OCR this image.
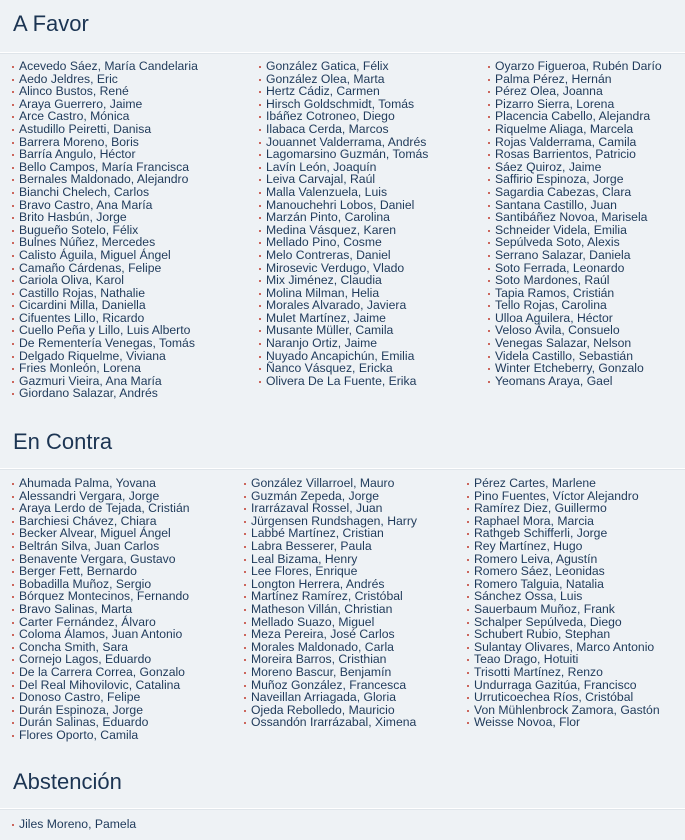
A Favor
Acevedo Sáez, María Candelaria
Aedo Jeldres, Eric
Alinco Bustos, René
Araya Guerrero, Jaime
Arce Castro, Mónica
Astudillo Peiretti, Danisa
Barrera Moreno, Boris
Barría Angulo, Héctor
Bello Campos, María Francisca
Bernales Maldonado, Alejandro
Bianchi Chelech, Carlos
Bravo Castro, Ana María
Brito Hasbún, Jorge
Bugueño Sotelo, Félix
Bulnes Núñez, Mercedes
Calisto Águila, Miguel Ángel
Camaño Cárdenas, Felipe
Cariola Oliva, Karol
Castillo Rojas, Nathalie
Cicardini Milla, Daniella
Cifuentes Lillo, Ricardo
Cuello Peña y Lillo, Luis Alberto
De Rementería Venegas, Tomás
Delgado Riquelme, Viviana
Fries Monleón, Lorena
Gazmuri Vieira, Ana María
Giordano Salazar, Andrés
González Gatica, Félix
González Olea, Marta
Hertz Cádiz, Carmen
Hirsch Goldschmidt, Tomás
Ibáñez Cotroneo, Diego
Ilabaca Cerda, Marcos
Jouannet Valderrama, Andrés
Lagomarsino Guzmán, Tomás
Lavín León, Joaquín
Leiva Carvajal, Raúl
Malla Valenzuela, Luis
Manouchehri Lobos, Daniel
Marzán Pinto, Carolina
Medina Vásquez, Karen
Mellado Pino, Cosme
Melo Contreras, Daniel
Mirosevic Verdugo, Vlado
Mix Jiménez, Claudia
Molina Milman, Helia
Morales Alvarado, Javiera
Mulet Martínez, Jaime
Musante Müller, Camila
Naranjo Ortiz, Jaime
Nuyado Ancapichún, Emilia
Ñanco Vásquez, Ericka
Olivera De La Fuente, Erika
Oyarzo Figueroa, Rubén Darío
Palma Pérez, Hernán
Pérez Olea, Joanna
Pizarro Sierra, Lorena
Placencia Cabello, Alejandra
Riquelme Aliaga, Marcela
Rojas Valderrama, Camila
Rosas Barrientos, Patricio
Sáez Quiroz, Jaime
Saffirio Espinoza, Jorge
Sagardia Cabezas, Clara
Santana Castillo, Juan
Santibáñez Novoa, Marisela
Schneider Videla, Emilia
Sepúlveda Soto, Alexis
Serrano Salazar, Daniela
Soto Ferrada, Leonardo
Soto Mardones, Raúl
Tapia Ramos, Cristián
Tello Rojas, Carolina
Ulloa Aguilera, Héctor
Veloso Ávila, Consuelo
Venegas Salazar, Nelson
Videla Castillo, Sebastián
Winter Etcheberry, Gonzalo
Yeomans Araya, Gael
En Contra
Ahumada Palma, Yovana
Alessandri Vergara, Jorge
Araya Lerdo de Tejada, Cristián
Barchiesi Chávez, Chiara
Becker Alvear, Miguel Ángel
Beltrán Silva, Juan Carlos
Benavente Vergara, Gustavo
Berger Fett, Bernardo
Bobadilla Muñoz, Sergio
Bórquez Montecinos, Fernando
Bravo Salinas, Marta
Carter Fernández, Álvaro
Coloma Álamos, Juan Antonio
Concha Smith, Sara
Cornejo Lagos, Eduardo
De la Carrera Correa, Gonzalo
Del Real Mihovilovic, Catalina
Donoso Castro, Felipe
Durán Espinoza, Jorge
Durán Salinas, Eduardo
Flores Oporto, Camila
González Villarroel, Mauro
Guzmán Zepeda, Jorge
Irarrázaval Rossel, Juan
Jürgensen Rundshagen, Harry
Labbé Martínez, Cristian
Labra Besserer, Paula
Leal Bizama, Henry
Lee Flores, Enrique
Longton Herrera, Andrés
Martínez Ramírez, Cristóbal
Matheson Villán, Christian
Mellado Suazo, Miguel
Meza Pereira, José Carlos
Morales Maldonado, Carla
Moreira Barros, Cristhian
Moreno Bascur, Benjamín
Muñoz González, Francesca
Naveillan Arriagada, Gloria
Ojeda Rebolledo, Mauricio
Ossandón Irarrázabal, Ximena
Pérez Cartes, Marlene
Pino Fuentes, Víctor Alejandro
Ramírez Diez, Guillermo
Raphael Mora, Marcia
Rathgeb Schifferli, Jorge
Rey Martínez, Hugo
Romero Leiva, Agustín
Romero Sáez, Leonidas
Romero Talguia, Natalia
Sánchez Ossa, Luis
Sauerbaum Muñoz, Frank
Schalper Sepúlveda, Diego
Schubert Rubio, Stephan
Sulantay Olivares, Marco Antonio
Teao Drago, Hotuiti
Trisotti Martínez, Renzo
Undurraga Gazitúa, Francisco
Urruticoechea Ríos, Cristóbal
Von Mühlenbrock Zamora, Gastón
Weisse Novoa, Flor
Abstención
Jiles Moreno, Pamela
